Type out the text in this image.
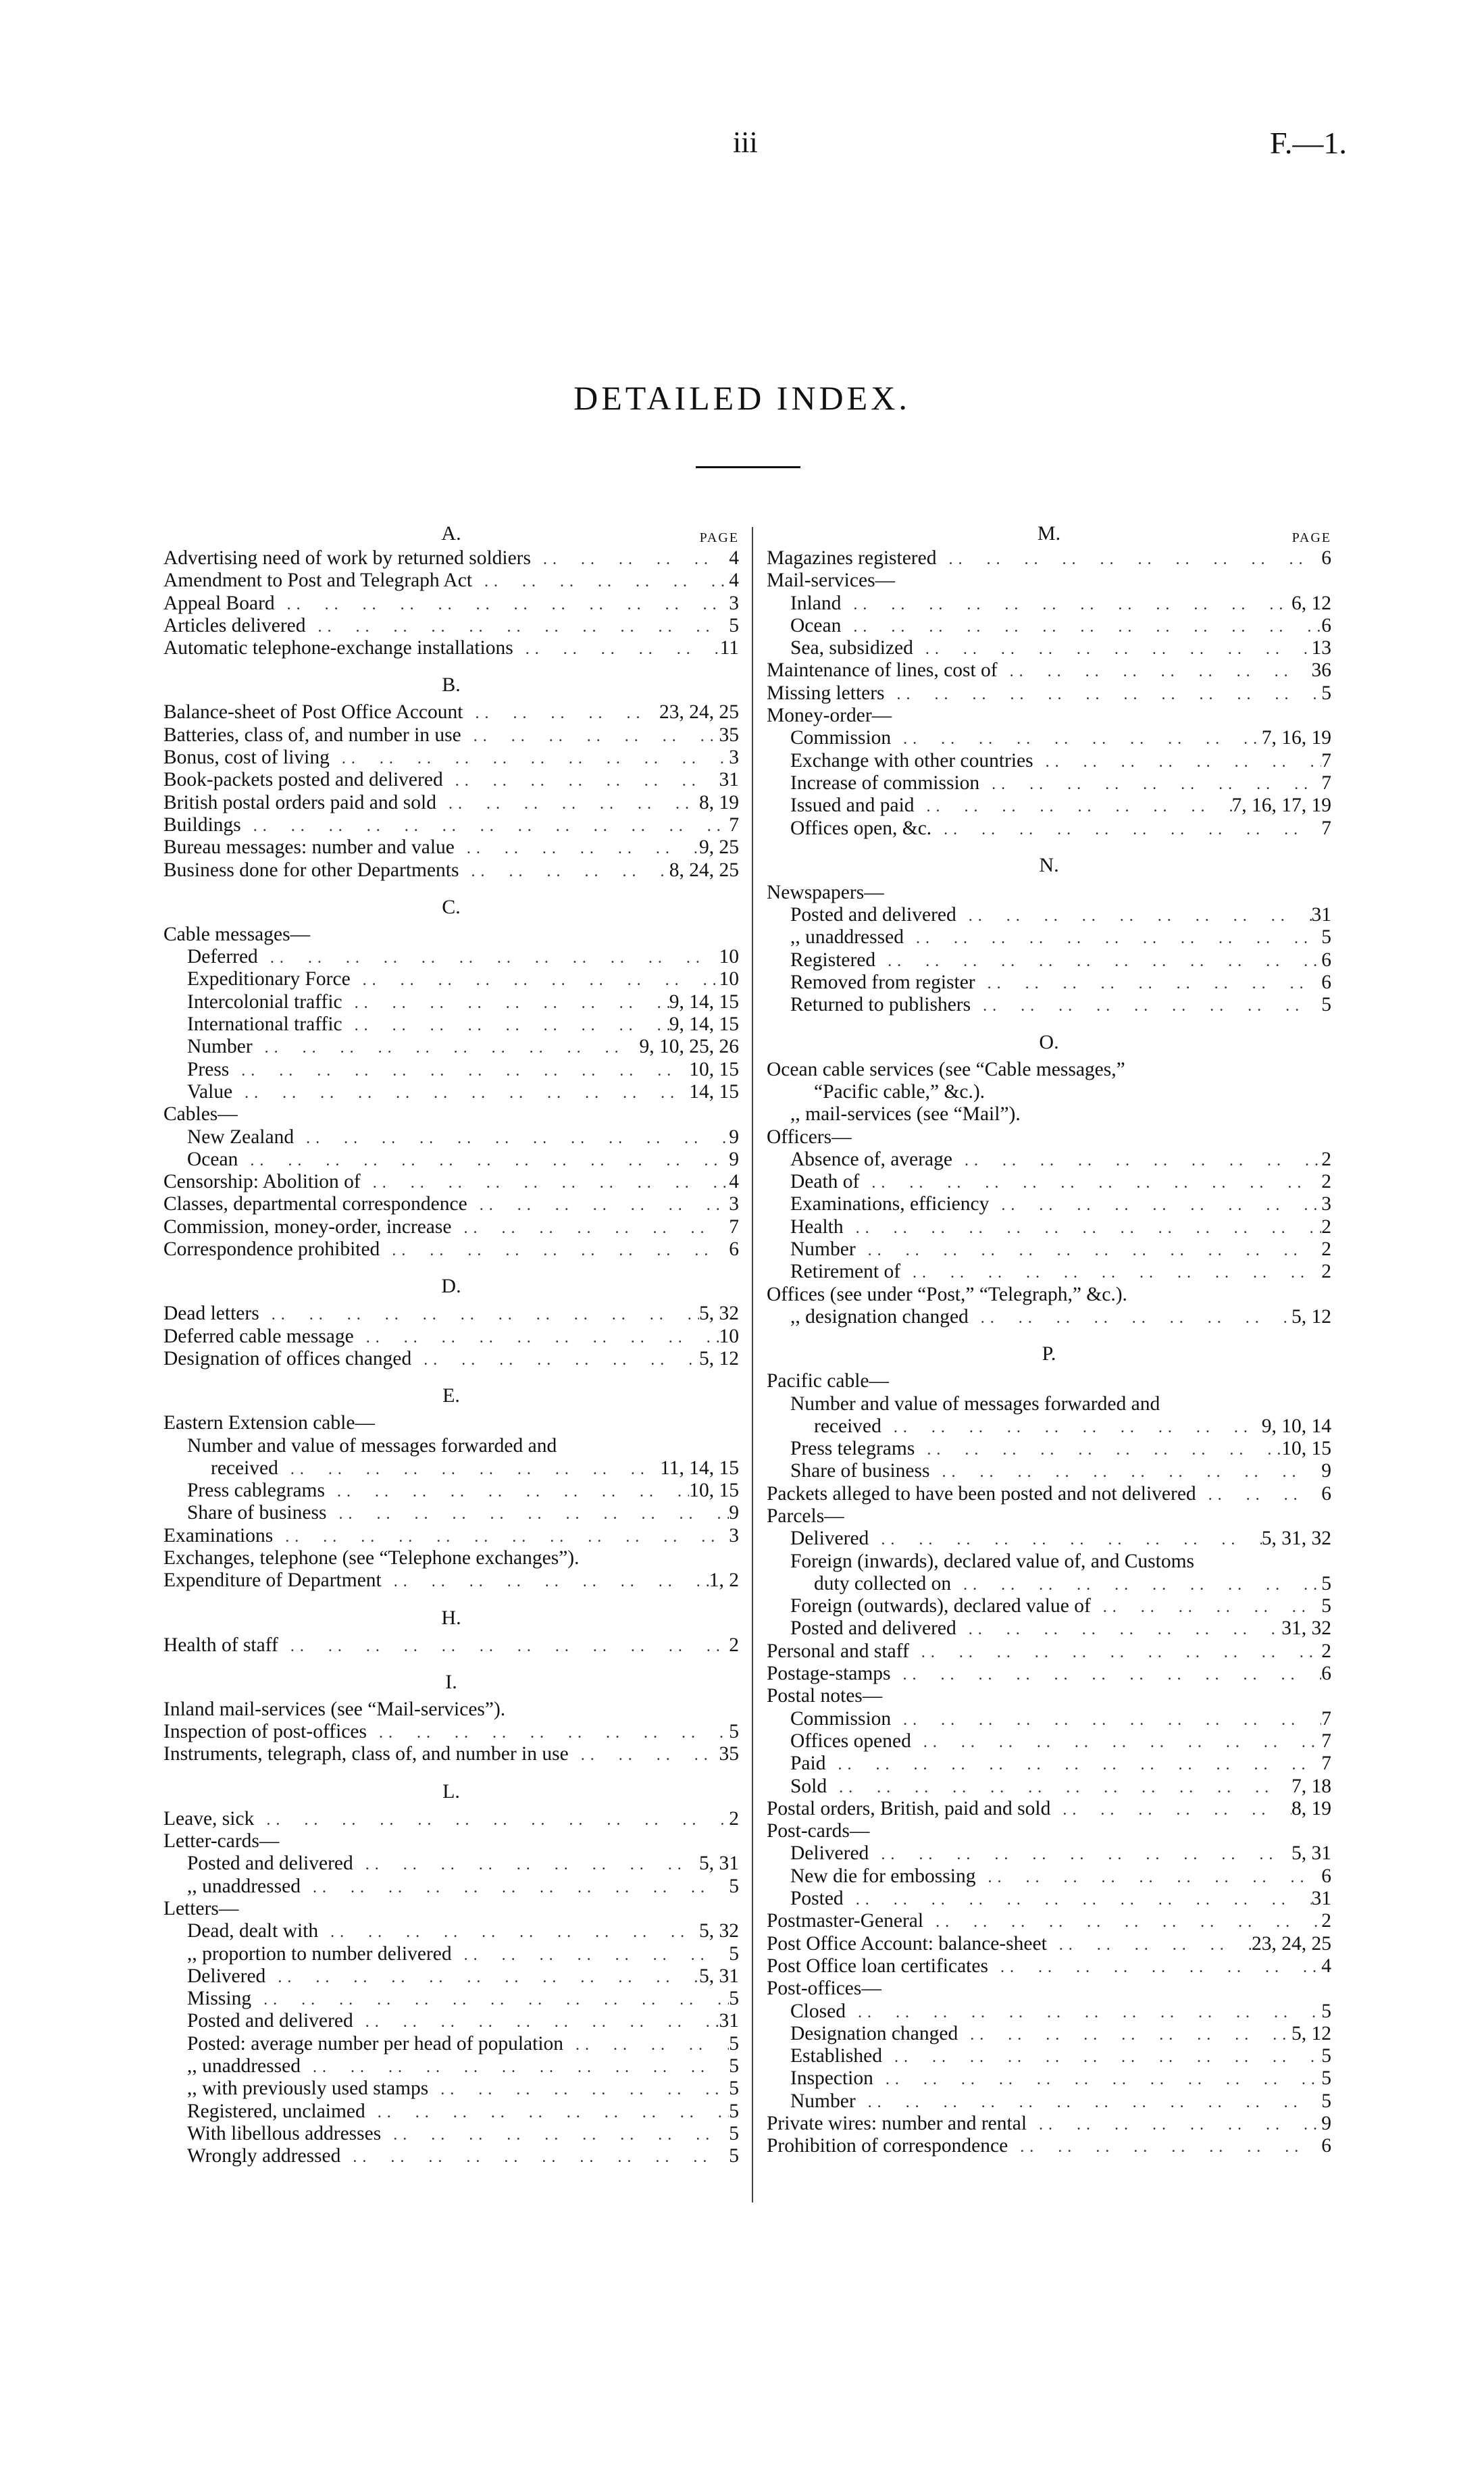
iii	F.—1.
DETAILED INDEX.
A.	PAGE
Advertising need of work by returned soldiers . .	4
Amendment to Post and Telegraph Act . .	4
Appeal Board . .	3
Articles delivered . .	5
Automatic telephone-exchange installations . .	11
B.
Balance-sheet of Post Office Account . .	23, 24, 25
Batteries, class of, and number in use . .	35
Bonus, cost of living . .	3
Book-packets posted and delivered . .	31
British postal orders paid and sold . .	8, 19
Buildings . .	7
Bureau messages: number and value . .	9, 25
Business done for other Departments . .	8, 24, 25
C.
Cable messages—
Deferred . .	10
Expeditionary Force . .	10
Intercolonial traffic . .	9, 14, 15
International traffic . .	9, 14, 15
Number . .	9, 10, 25, 26
Press . .	10, 15
Value . .	14, 15
Cables—
New Zealand . .	9
Ocean . .	9
Censorship: Abolition of . .	4
Classes, departmental correspondence . .	3
Commission, money-order, increase . .	7
Correspondence prohibited . .	6
D.
Dead letters . .	5, 32
Deferred cable message . .	10
Designation of offices changed . .	5, 12
E.
Eastern Extension cable—
Number and value of messages forwarded and
received . .	11, 14, 15
Press cablegrams . .	10, 15
Share of business . .	9
Examinations . .	3
Exchanges, telephone (see “Telephone exchanges”).
Expenditure of Department . .	1, 2
H.
Health of staff . .	2
I.
Inland mail-services (see “Mail-services”).
Inspection of post-offices . .	5
Instruments, telegraph, class of, and number in use . .	35
L.
Leave, sick . .	2
Letter-cards—
Posted and delivered . .	5, 31
,, unaddressed . .	5
Letters—
Dead, dealt with . .	5, 32
,, proportion to number delivered . .	5
Delivered . .	5, 31
Missing . .	5
Posted and delivered . .	31
Posted: average number per head of population . .	5
,, unaddressed . .	5
,, with previously used stamps . .	5
Registered, unclaimed . .	5
With libellous addresses . .	5
Wrongly addressed . .	5
M.	PAGE
Magazines registered . .	6
Mail-services—
Inland . .	6, 12
Ocean . .	6
Sea, subsidized . .	13
Maintenance of lines, cost of . .	36
Missing letters . .	5
Money-order—
Commission . .	7, 16, 19
Exchange with other countries . .	7
Increase of commission . .	7
Issued and paid . .	7, 16, 17, 19
Offices open, &c. . .	7
N.
Newspapers—
Posted and delivered . .	31
,, unaddressed . .	5
Registered . .	6
Removed from register . .	6
Returned to publishers . .	5
O.
Ocean cable services (see “Cable messages,”
“Pacific cable,” &c.).
,, mail-services (see “Mail”).
Officers—
Absence of, average . .	2
Death of . .	2
Examinations, efficiency . .	3
Health . .	2
Number . .	2
Retirement of . .	2
Offices (see under “Post,” “Telegraph,” &c.).
,, designation changed . .	5, 12
P.
Pacific cable—
Number and value of messages forwarded and
received . .	9, 10, 14
Press telegrams . .	10, 15
Share of business . .	9
Packets alleged to have been posted and not delivered . .	6
Parcels—
Delivered . .	5, 31, 32
Foreign (inwards), declared value of, and Customs
duty collected on . .	5
Foreign (outwards), declared value of . .	5
Posted and delivered . .	31, 32
Personal and staff . .	2
Postage-stamps . .	6
Postal notes—
Commission . .	7
Offices opened . .	7
Paid . .	7
Sold . .	7, 18
Postal orders, British, paid and sold . .	8, 19
Post-cards—
Delivered . .	5, 31
New die for embossing . .	6
Posted . .	31
Postmaster-General . .	2
Post Office Account: balance-sheet . .	23, 24, 25
Post Office loan certificates . .	4
Post-offices—
Closed . .	5
Designation changed . .	5, 12
Established . .	5
Inspection . .	5
Number . .	5
Private wires: number and rental . .	9
Prohibition of correspondence . .	6
